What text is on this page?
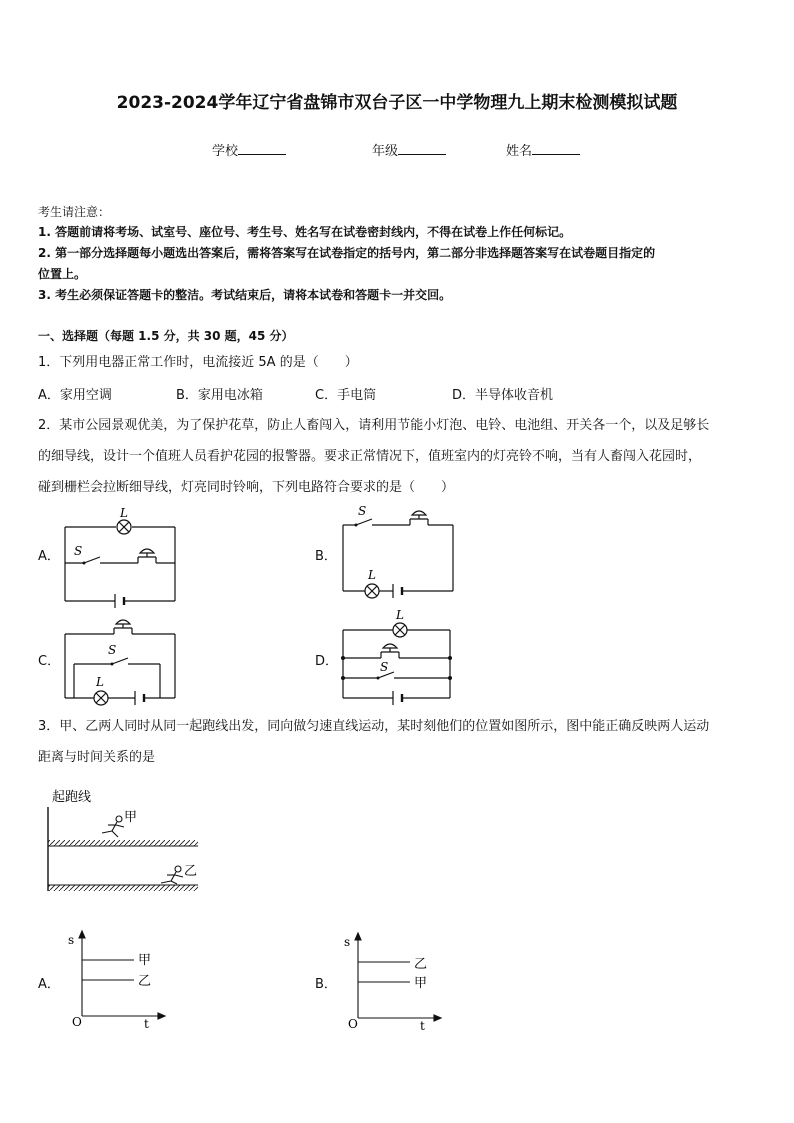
2023-2024学年辽宁省盘锦市双台子区一中学物理九上期末检测模拟试题
学校	年级	姓名
考生请注意：
1. 答题前请将考场、试室号、座位号、考生号、姓名写在试卷密封线内，不得在试卷上作任何标记。
2. 第一部分选择题每小题选出答案后，需将答案写在试卷指定的括号内，第二部分非选择题答案写在试卷题目指定的
位置上。
3. 考生必须保证答题卡的整洁。考试结束后，请将本试卷和答题卡一并交回。
一、选择题（每题 1.5 分，共 30 题，45 分）
1．下列用电器正常工作时，电流接近 5A 的是（　　）
A．家用空调	B．家用电冰箱	C．手电筒	D．半导体收音机
2．某市公园景观优美，为了保护花草，防止人畜闯入，请利用节能小灯泡、电铃、电池组、开关各一个，以及足够长
的细导线，设计一个值班人员看护花园的报警器。要求正常情况下，值班室内的灯亮铃不响，当有人畜闯入花园时，
碰到栅栏会拉断细导线，灯亮同时铃响，下列电路符合要求的是（　　）
A．	B．
C．	D．
L
S
S
L
S
L
L
S
3．甲、乙两人同时从同一起跑线出发，同向做匀速直线运动，某时刻他们的位置如图所示，图中能正确反映两人运动
距离与时间关系的是
起跑线
甲
乙
A．	B．
s
t
O
甲
乙
s
t
O
乙
甲
